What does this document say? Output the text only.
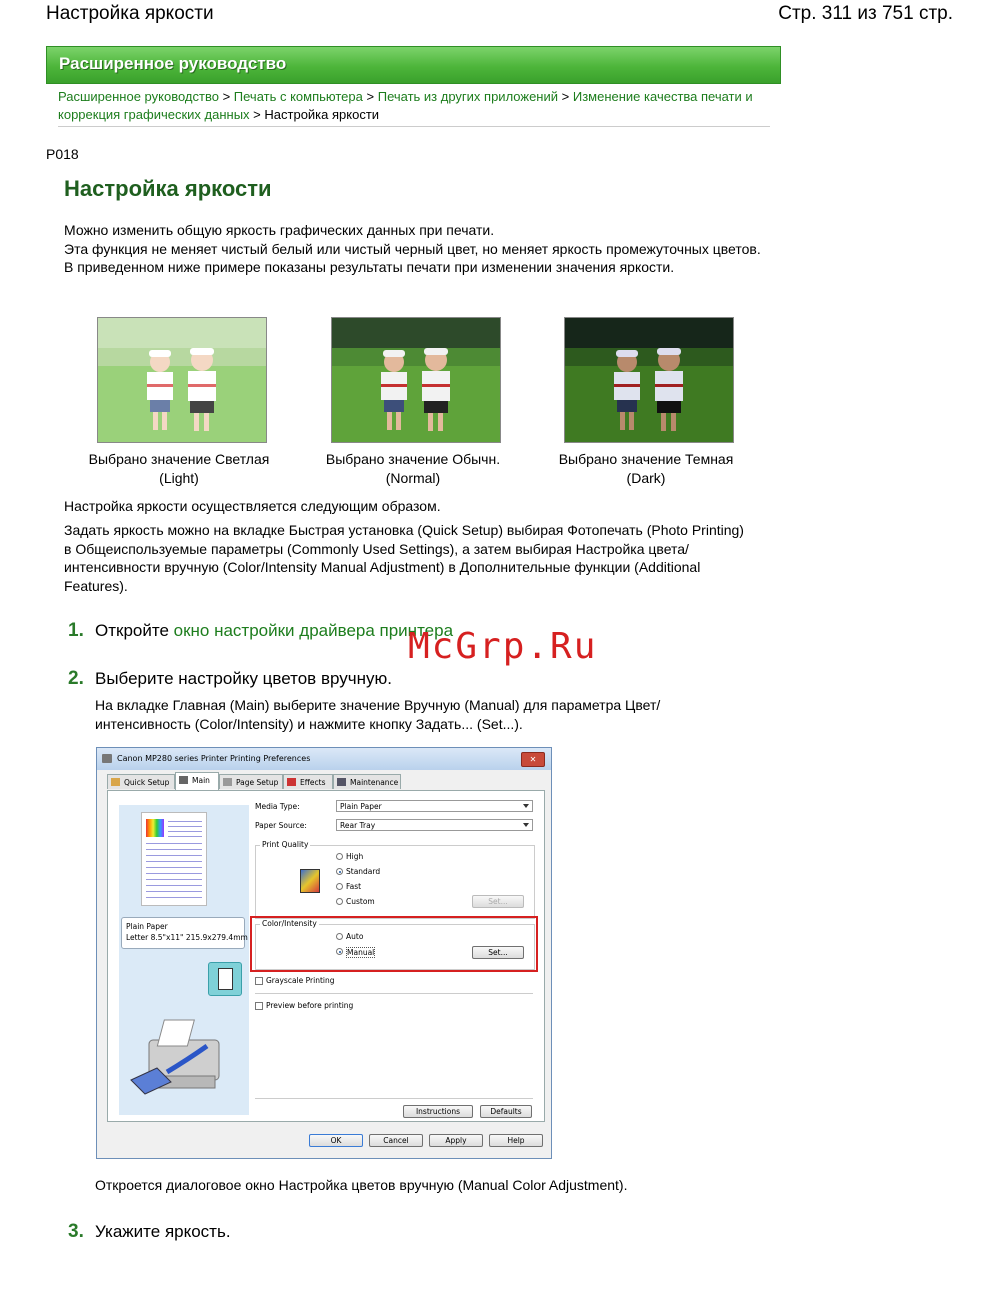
Настройка яркости	Стр. 311 из 751 стр.
Расширенное руководство
Расширенное руководство > Печать с компьютера > Печать из других приложений > Изменение качества печати и коррекция графических данных > Настройка яркости
P018
Настройка яркости

Можно изменить общую яркость графических данных при печати.

Эта функция не меняет чистый белый или чистый черный цвет, но меняет яркость промежуточных цветов.

В приведенном ниже примере показаны результаты печати при изменении значения яркости.

Выбрано значение Светлая
(Light)
Выбрано значение Обычн.
(Normal)
Выбрано значение Темная
(Dark)
Настройка яркости осуществляется следующим образом.
Задать яркость можно на вкладке Быстрая установка (Quick Setup) выбирая Фотопечать (Photo Printing) в Общеиспользуемые параметры (Commonly Used Settings), а затем выбирая Настройка цвета/интенсивности вручную (Color/Intensity Manual Adjustment) в Дополнительные функции (Additional Features).
1. Откройте окно настройки драйвера принтера
McGrp.Ru
2. Выберите настройку цветов вручную.
На вкладке Главная (Main) выберите значение Вручную (Manual) для параметра Цвет/интенсивность (Color/Intensity) и нажмите кнопку Задать... (Set...).
Canon MP280 series Printer Printing Preferences	✕
Quick Setup	Main	Page Setup	Effects	Maintenance
Plain Paper
Letter 8.5"x11" 215.9x279.4mm
Media Type:	Plain Paper
Paper Source:	Rear Tray
Print Quality
High
Standard
Fast
Custom	Set...
Color/Intensity
Auto
Manual	Set...
Grayscale Printing
Preview before printing
Instructions	Defaults
OK	Cancel	Apply	Help
Откроется диалоговое окно Настройка цветов вручную (Manual Color Adjustment).
3. Укажите яркость.
